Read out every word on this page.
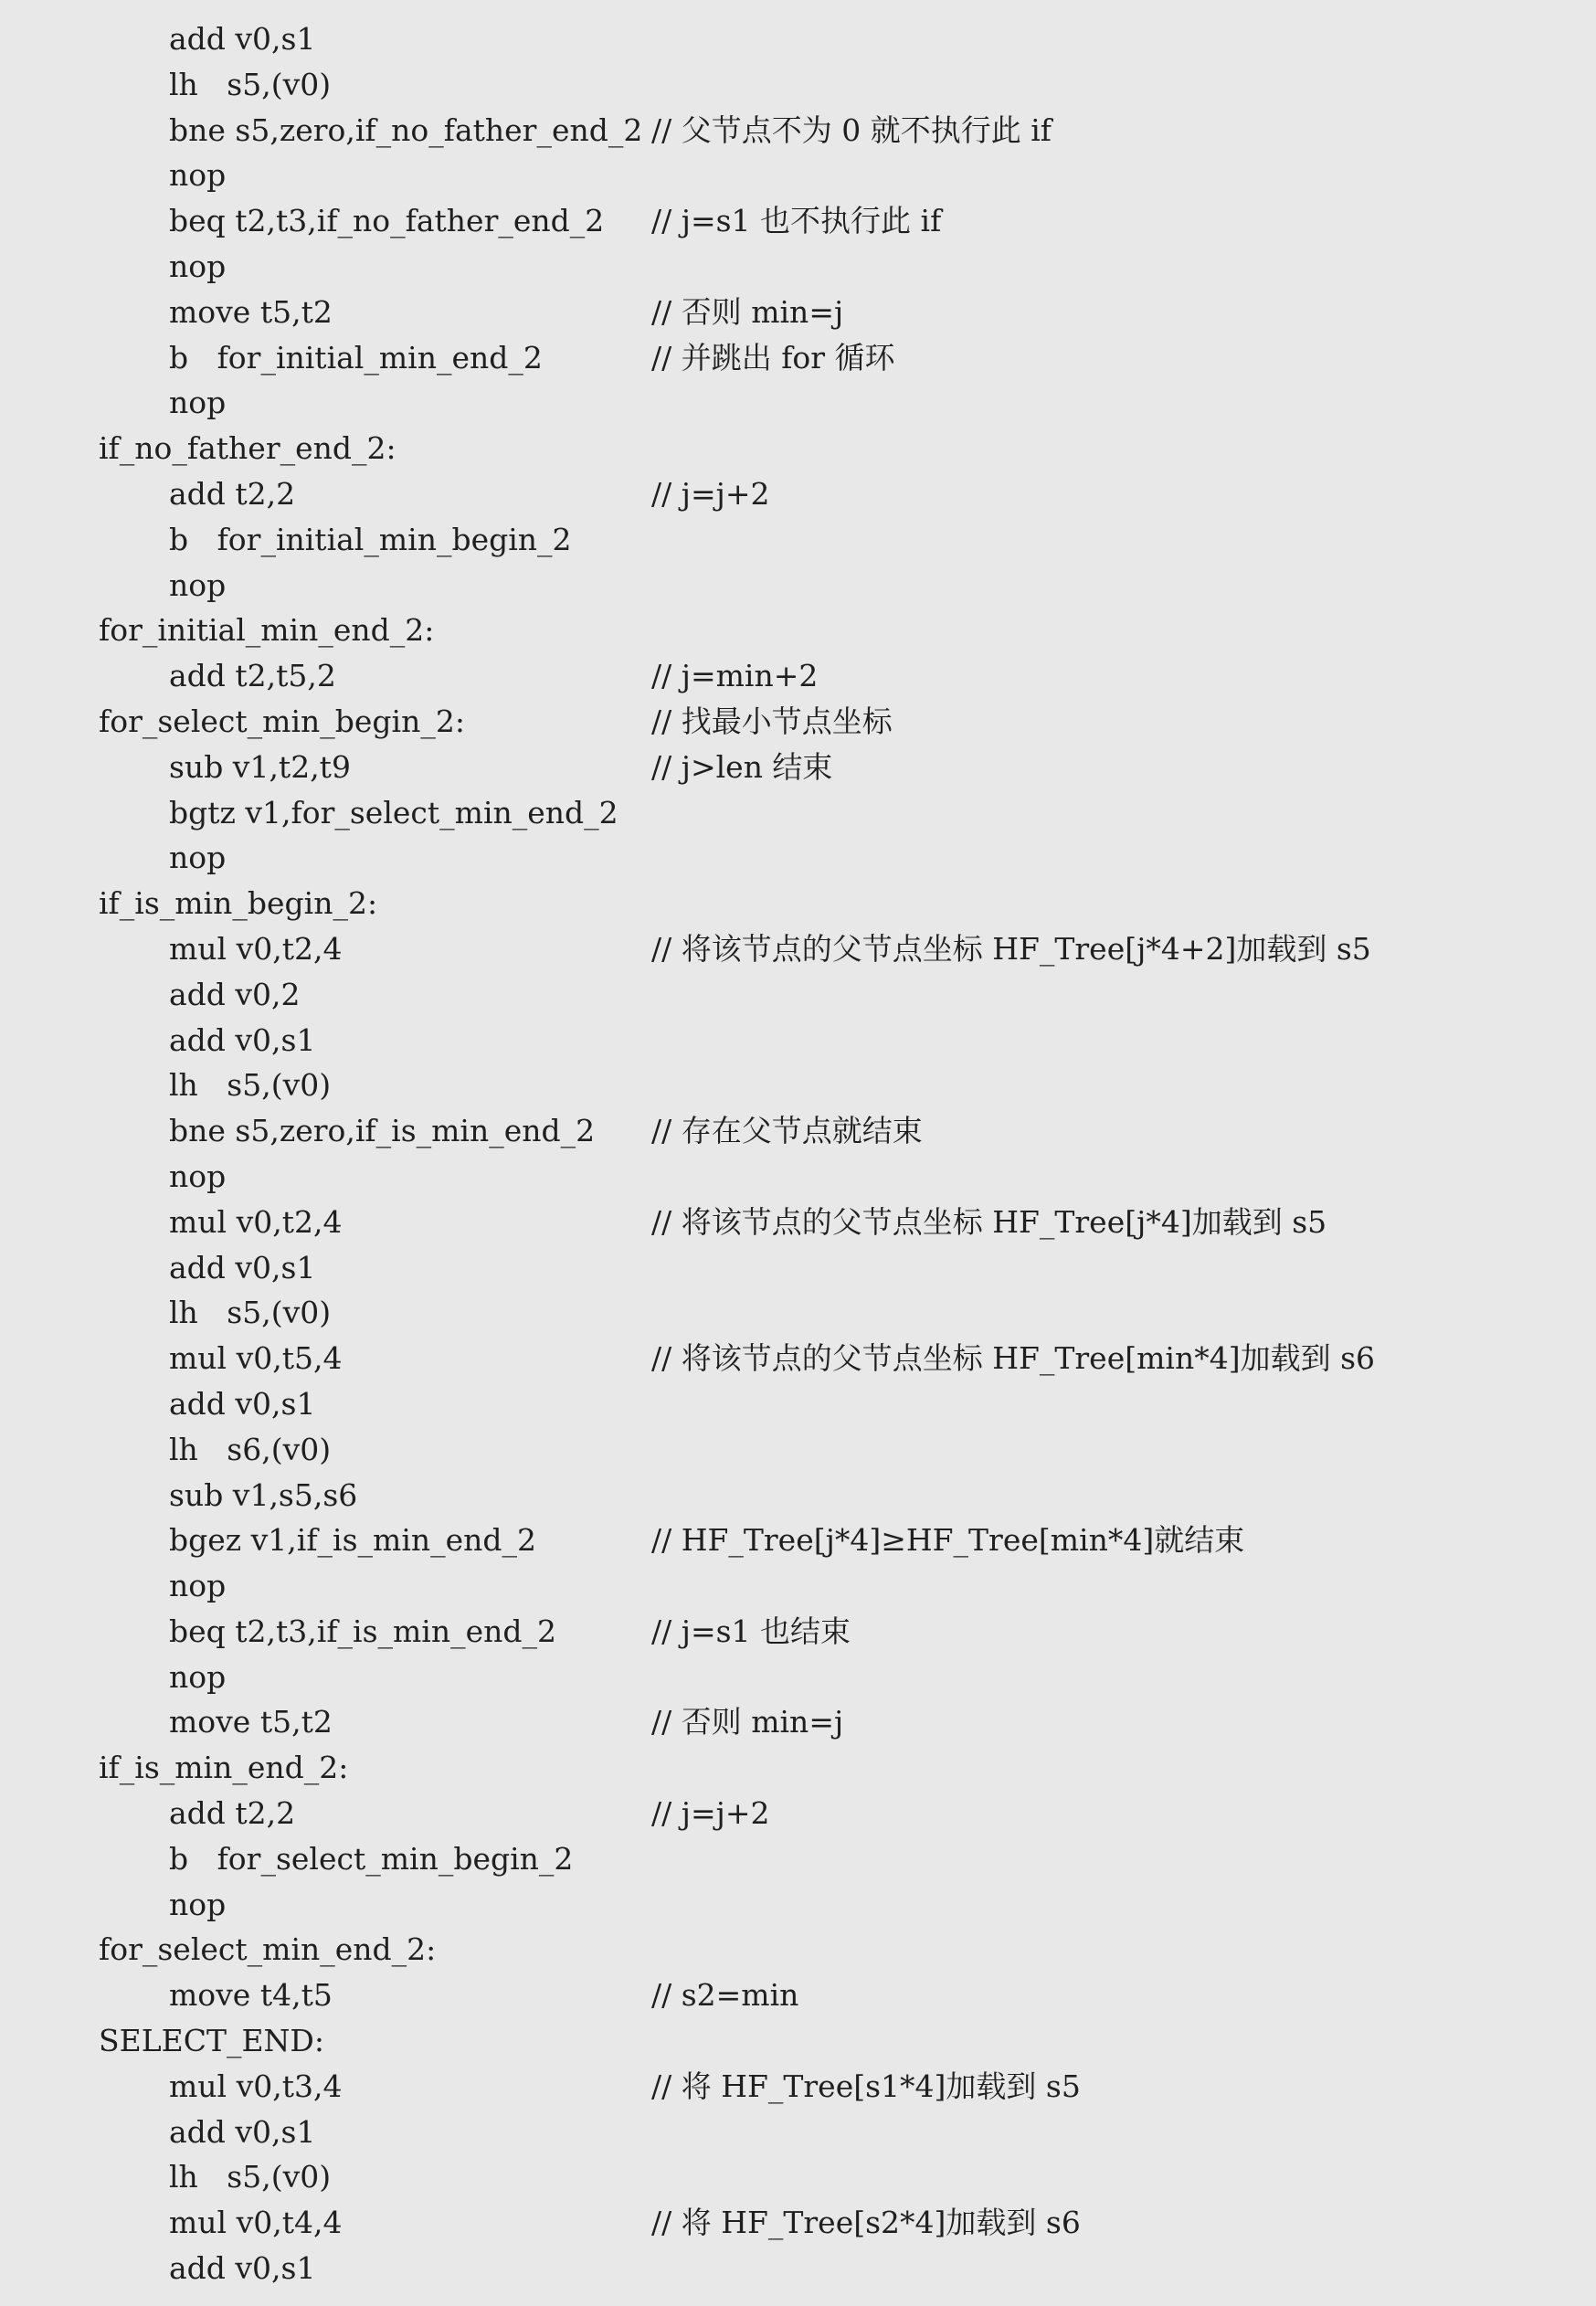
add v0,s1
lh   s5,(v0)
bne s5,zero,if_no_father_end_2 // 父节点不为 0 就不执行此 if
nop
beq t2,t3,if_no_father_end_2 // j=s1 也不执行此 if
nop
move t5,t2	// 否则 min=j
b   for_initial_min_end_2	// 并跳出 for 循环
nop
if_no_father_end_2:
add t2,2	// j=j+2
b   for_initial_min_begin_2
nop
for_initial_min_end_2:
add t2,t5,2	// j=min+2
for_select_min_begin_2:	// 找最小节点坐标
sub v1,t2,t9	// j>len 结束
bgtz v1,for_select_min_end_2
nop
if_is_min_begin_2:
mul v0,t2,4	// 将该节点的父节点坐标 HF_Tree[j*4+2]加载到 s5
add v0,2
add v0,s1
lh   s5,(v0)
bne s5,zero,if_is_min_end_2 // 存在父节点就结束
nop
mul v0,t2,4	// 将该节点的父节点坐标 HF_Tree[j*4]加载到 s5
add v0,s1
lh   s5,(v0)
mul v0,t5,4	// 将该节点的父节点坐标 HF_Tree[min*4]加载到 s6
add v0,s1
lh   s6,(v0)
sub v1,s5,s6
bgez v1,if_is_min_end_2	// HF_Tree[j*4]≥HF_Tree[min*4]就结束
nop
beq t2,t3,if_is_min_end_2	// j=s1 也结束
nop
move t5,t2	// 否则 min=j
if_is_min_end_2:
add t2,2	// j=j+2
b   for_select_min_begin_2
nop
for_select_min_end_2:
move t4,t5	// s2=min
SELECT_END:
mul v0,t3,4	// 将 HF_Tree[s1*4]加载到 s5
add v0,s1
lh   s5,(v0)
mul v0,t4,4	// 将 HF_Tree[s2*4]加载到 s6
add v0,s1
